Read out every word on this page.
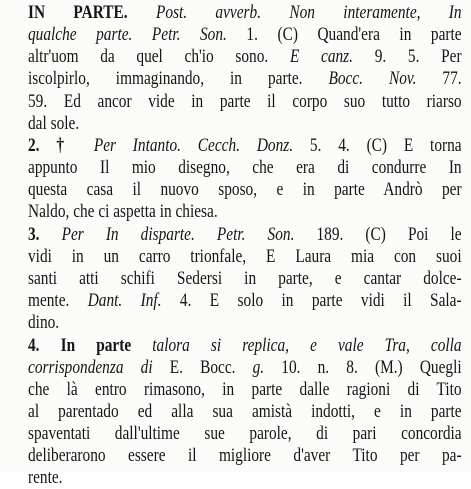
IN PARTE. Post. avverb. Non interamente, In
qualche parte. Petr. Son. 1. (C) Quand'era in parte
altr'uom da quel ch'io sono. E canz. 9. 5. Per
iscolpirlo, immaginando, in parte. Bocc. Nov. 77.
59. Ed ancor vide in parte il corpo suo tutto riarso
dal sole.
2. † Per Intanto. Cecch. Donz. 5. 4. (C) E torna
appunto Il mio disegno, che era di condurre In
questa casa il nuovo sposo, e in parte Andrò per
Naldo, che ci aspetta in chiesa.
3. Per In disparte. Petr. Son. 189. (C) Poi le
vidi in un carro trionfale, E Laura mia con suoi
santi atti schifi Sedersi in parte, e cantar dolce-
mente. Dant. Inf. 4. E solo in parte vidi il Sala-
dino.
4. In parte talora si replica, e vale Tra, colla
corrispondenza di E. Bocc. g. 10. n. 8. (M.) Quegli
che là entro rimasono, in parte dalle ragioni di Tito
al parentado ed alla sua amistà indotti, e in parte
spaventati dall'ultime sue parole, di pari concordia
deliberarono essere il migliore d'aver Tito per pa-
rente.
